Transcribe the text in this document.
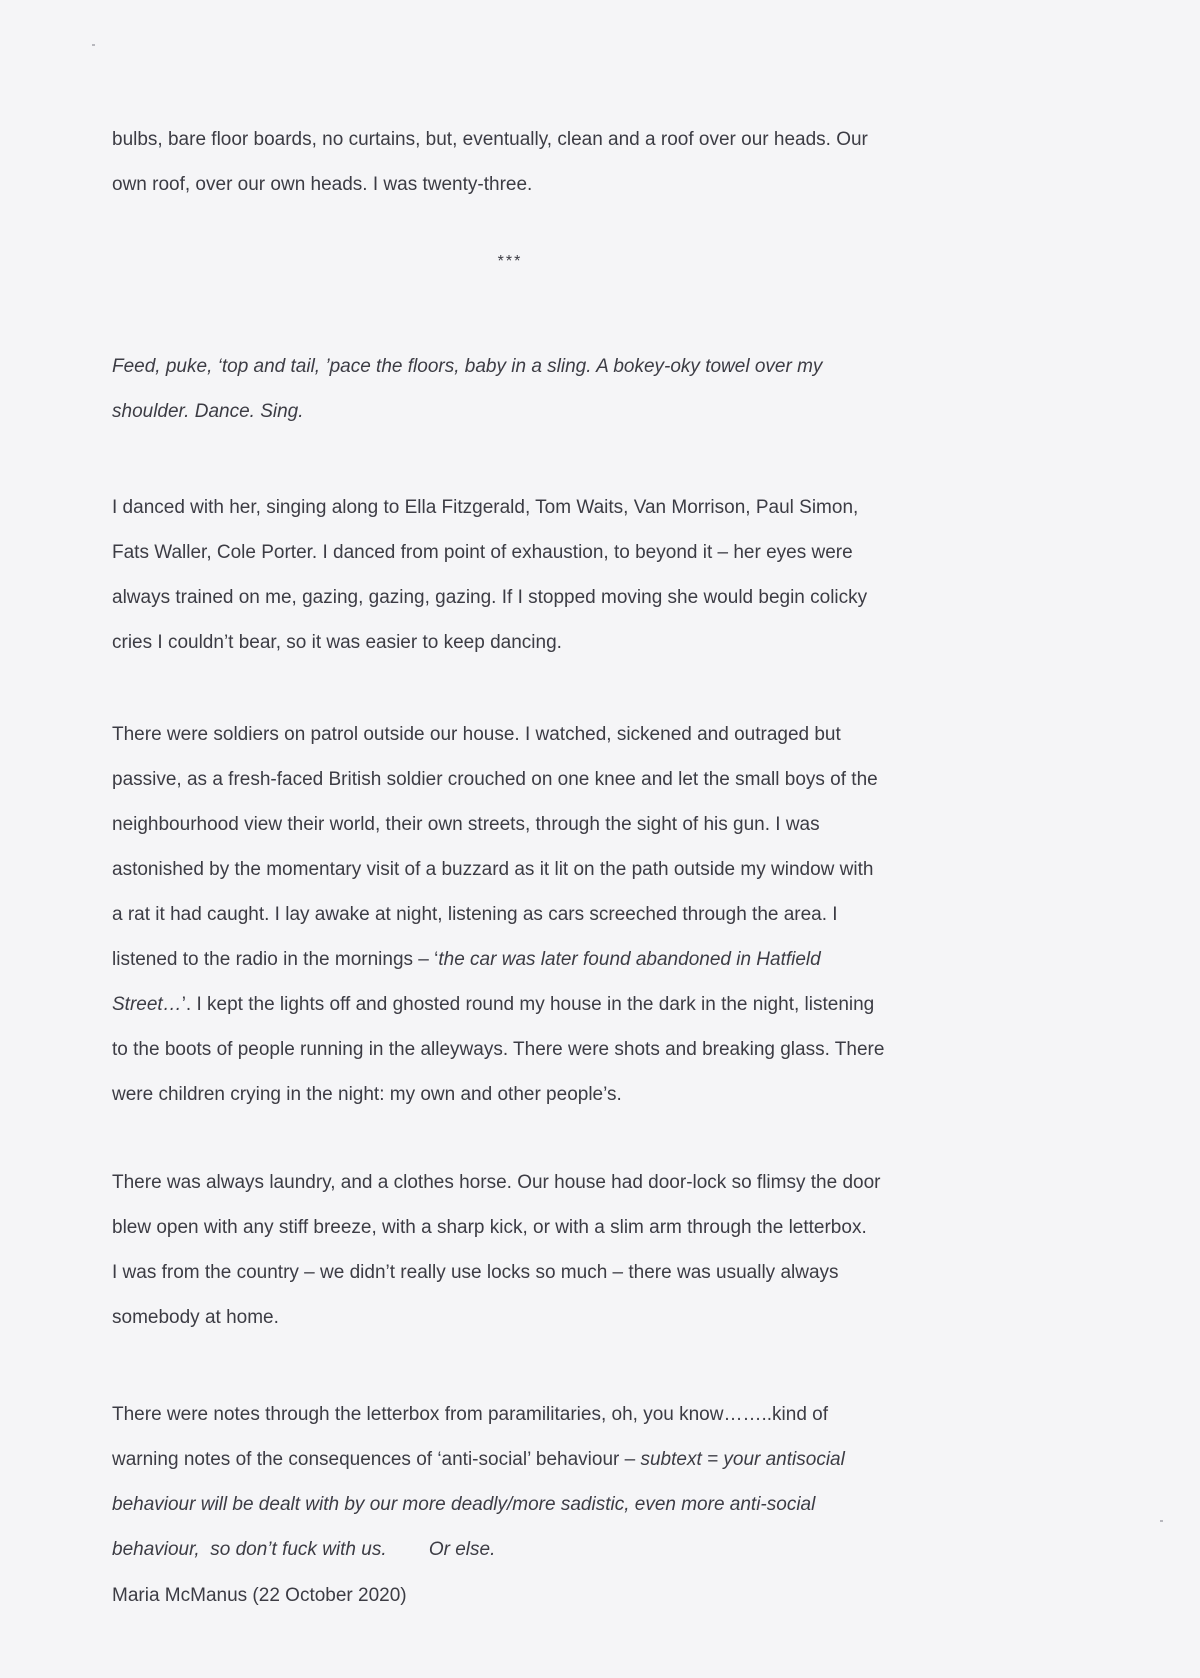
bulbs, bare floor boards, no curtains, but, eventually, clean and a roof over our heads. Our
own roof, over our own heads. I was twenty-three.
***
Feed, puke, ‘top and tail, ’pace the floors, baby in a sling. A bokey-oky towel over my
shoulder. Dance. Sing.
I danced with her, singing along to Ella Fitzgerald, Tom Waits, Van Morrison, Paul Simon,
Fats Waller, Cole Porter. I danced from point of exhaustion, to beyond it – her eyes were
always trained on me, gazing, gazing, gazing. If I stopped moving she would begin colicky
cries I couldn’t bear, so it was easier to keep dancing.
There were soldiers on patrol outside our house. I watched, sickened and outraged but
passive, as a fresh-faced British soldier crouched on one knee and let the small boys of the
neighbourhood view their world, their own streets, through the sight of his gun. I was
astonished by the momentary visit of a buzzard as it lit on the path outside my window with
a rat it had caught. I lay awake at night, listening as cars screeched through the area. I
listened to the radio in the mornings – ‘the car was later found abandoned in Hatfield
Street…’. I kept the lights off and ghosted round my house in the dark in the night, listening
to the boots of people running in the alleyways. There were shots and breaking glass. There
were children crying in the night: my own and other people’s.
There was always laundry, and a clothes horse. Our house had door-lock so flimsy the door
blew open with any stiff breeze, with a sharp kick, or with a slim arm through the letterbox.
I was from the country – we didn’t really use locks so much – there was usually always
somebody at home.
There were notes through the letterbox from paramilitaries, oh, you know……..kind of
warning notes of the consequences of ‘anti-social’ behaviour – subtext = your antisocial
behaviour will be dealt with by our more deadly/more sadistic, even more anti-social
behaviour,  so don’t fuck with us.        Or else.
Maria McManus (22 October 2020)
